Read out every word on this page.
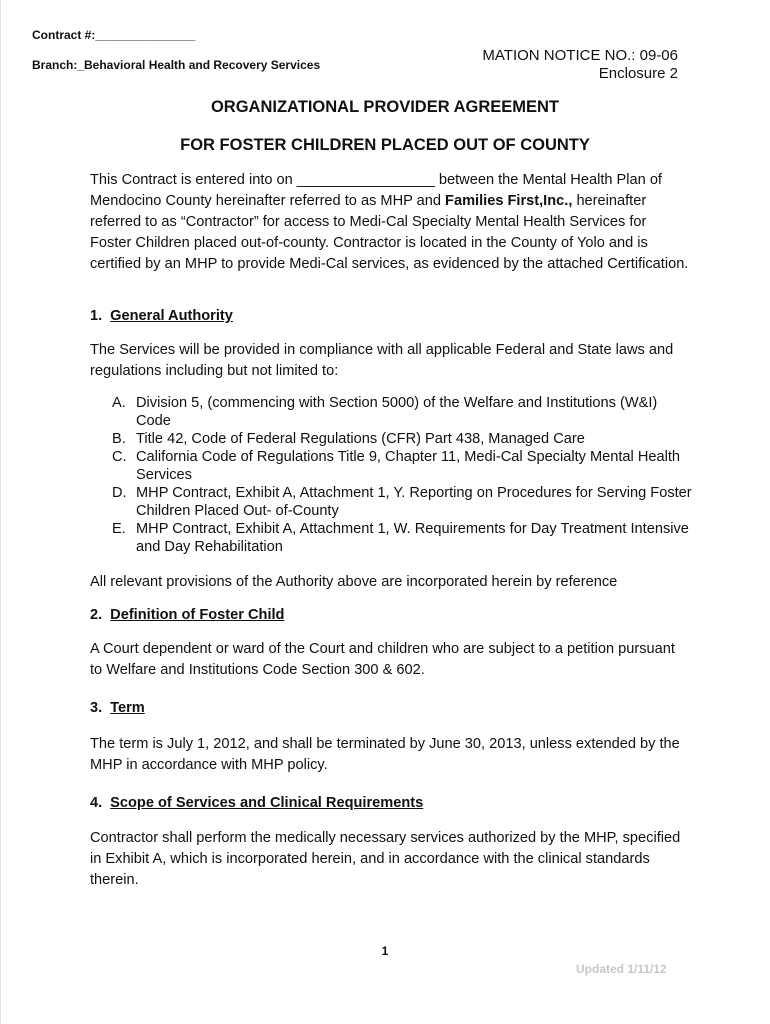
Contract #:_______________
Branch:_Behavioral Health and Recovery Services
MATION NOTICE NO.: 09-06
Enclosure 2
ORGANIZATIONAL PROVIDER AGREEMENT
FOR FOSTER CHILDREN PLACED OUT OF COUNTY

This Contract is entered into on _________________ between the Mental Health Plan of Mendocino County hereinafter referred to as MHP and Families First,Inc., hereinafter referred to as “Contractor” for access to Medi-Cal Specialty Mental Health Services for Foster Children placed out-of-county. Contractor is located in the County of Yolo and is certified by an MHP to provide Medi-Cal services, as evidenced by the attached Certification.

1. General Authority

The Services will be provided in compliance with all applicable Federal and State laws and regulations including but not limited to:

A. Division 5, (commencing with Section 5000) of the Welfare and Institutions (W&I) Code
B. Title 42, Code of Federal Regulations (CFR) Part 438, Managed Care
C. California Code of Regulations Title 9, Chapter 11, Medi-Cal Specialty Mental Health Services
D. MHP Contract, Exhibit A, Attachment 1, Y. Reporting on Procedures for Serving Foster Children Placed Out- of-County
E. MHP Contract, Exhibit A, Attachment 1, W. Requirements for Day Treatment Intensive and Day Rehabilitation

All relevant provisions of the Authority above are incorporated herein by reference

2. Definition of Foster Child

A Court dependent or ward of the Court and children who are subject to a petition pursuant to Welfare and Institutions Code Section 300 & 602.

3. Term

The term is July 1, 2012, and shall be terminated by June 30, 2013, unless extended by the MHP in accordance with MHP policy.

4. Scope of Services and Clinical Requirements

Contractor shall perform the medically necessary services authorized by the MHP, specified in Exhibit A, which is incorporated herein, and in accordance with the clinical standards therein.

1
Updated 1/11/12
